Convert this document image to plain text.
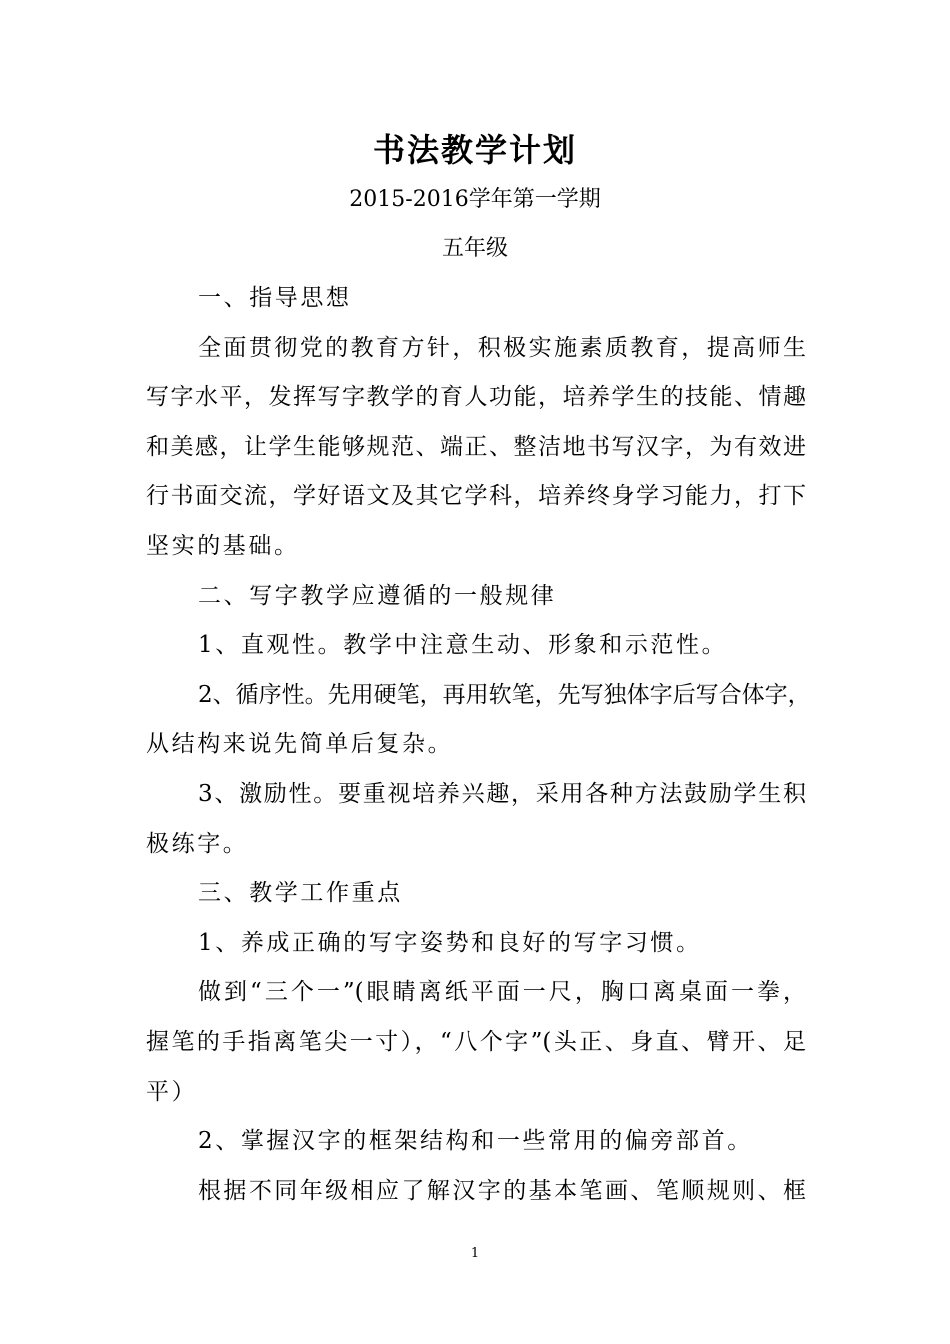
书法教学计划
2015-2016学年第一学期
五年级
一、指导思想
全面贯彻党的教育方针，积极实施素质教育，提高师生
写字水平，发挥写字教学的育人功能，培养学生的技能、情趣
和美感，让学生能够规范、端正、整洁地书写汉字，为有效进
行书面交流，学好语文及其它学科，培养终身学习能力，打下
坚实的基础。
二、写字教学应遵循的一般规律
1、直观性。教学中注意生动、形象和示范性。
2、循序性。先用硬笔，再用软笔，先写独体字后写合体字，
从结构来说先简单后复杂。
3、激励性。要重视培养兴趣，采用各种方法鼓励学生积
极练字。
三、教学工作重点
1、养成正确的写字姿势和良好的写字习惯。
做到“三个一”(眼睛离纸平面一尺，胸口离桌面一拳，
握笔的手指离笔尖一寸），“八个字”(头正、身直、臂开、足
平）
2、掌握汉字的框架结构和一些常用的偏旁部首。
根据不同年级相应了解汉字的基本笔画、笔顺规则、框
1
